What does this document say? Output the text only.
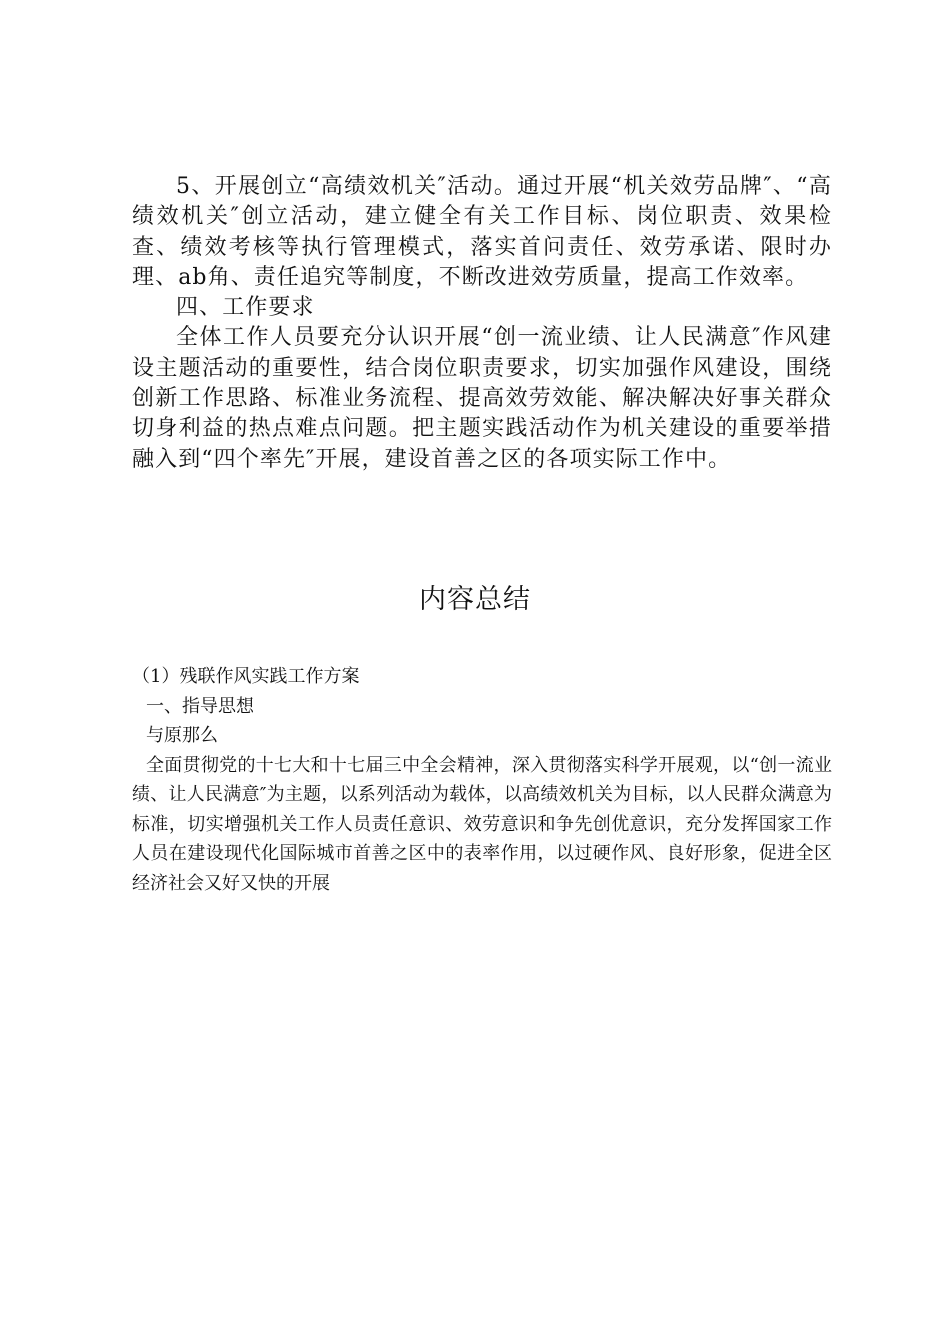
5、开展创立“高绩效机关″活动。通过开展“机关效劳品牌″、“高绩效机关″创立活动，建立健全有关工作目标、岗位职责、效果检查、绩效考核等执行管理模式，落实首问责任、效劳承诺、限时办理、ab角、责任追究等制度，不断改进效劳质量，提高工作效率。

四、工作要求

全体工作人员要充分认识开展“创一流业绩、让人民满意″作风建设主题活动的重要性，结合岗位职责要求，切实加强作风建设，围绕创新工作思路、标准业务流程、提高效劳效能、解决解决好事关群众切身利益的热点难点问题。把主题实践活动作为机关建设的重要举措融入到“四个率先″开展，建设首善之区的各项实际工作中。

内容总结

（1）残联作风实践工作方案

一、指导思想

与原那么

全面贯彻党的十七大和十七届三中全会精神，深入贯彻落实科学开展观，以“创一流业绩、让人民满意″为主题，以系列活动为载体，以高绩效机关为目标，以人民群众满意为标准，切实增强机关工作人员责任意识、效劳意识和争先创优意识，充分发挥国家工作人员在建设现代化国际城市首善之区中的表率作用，以过硬作风、良好形象，促进全区经济社会又好又快的开展
